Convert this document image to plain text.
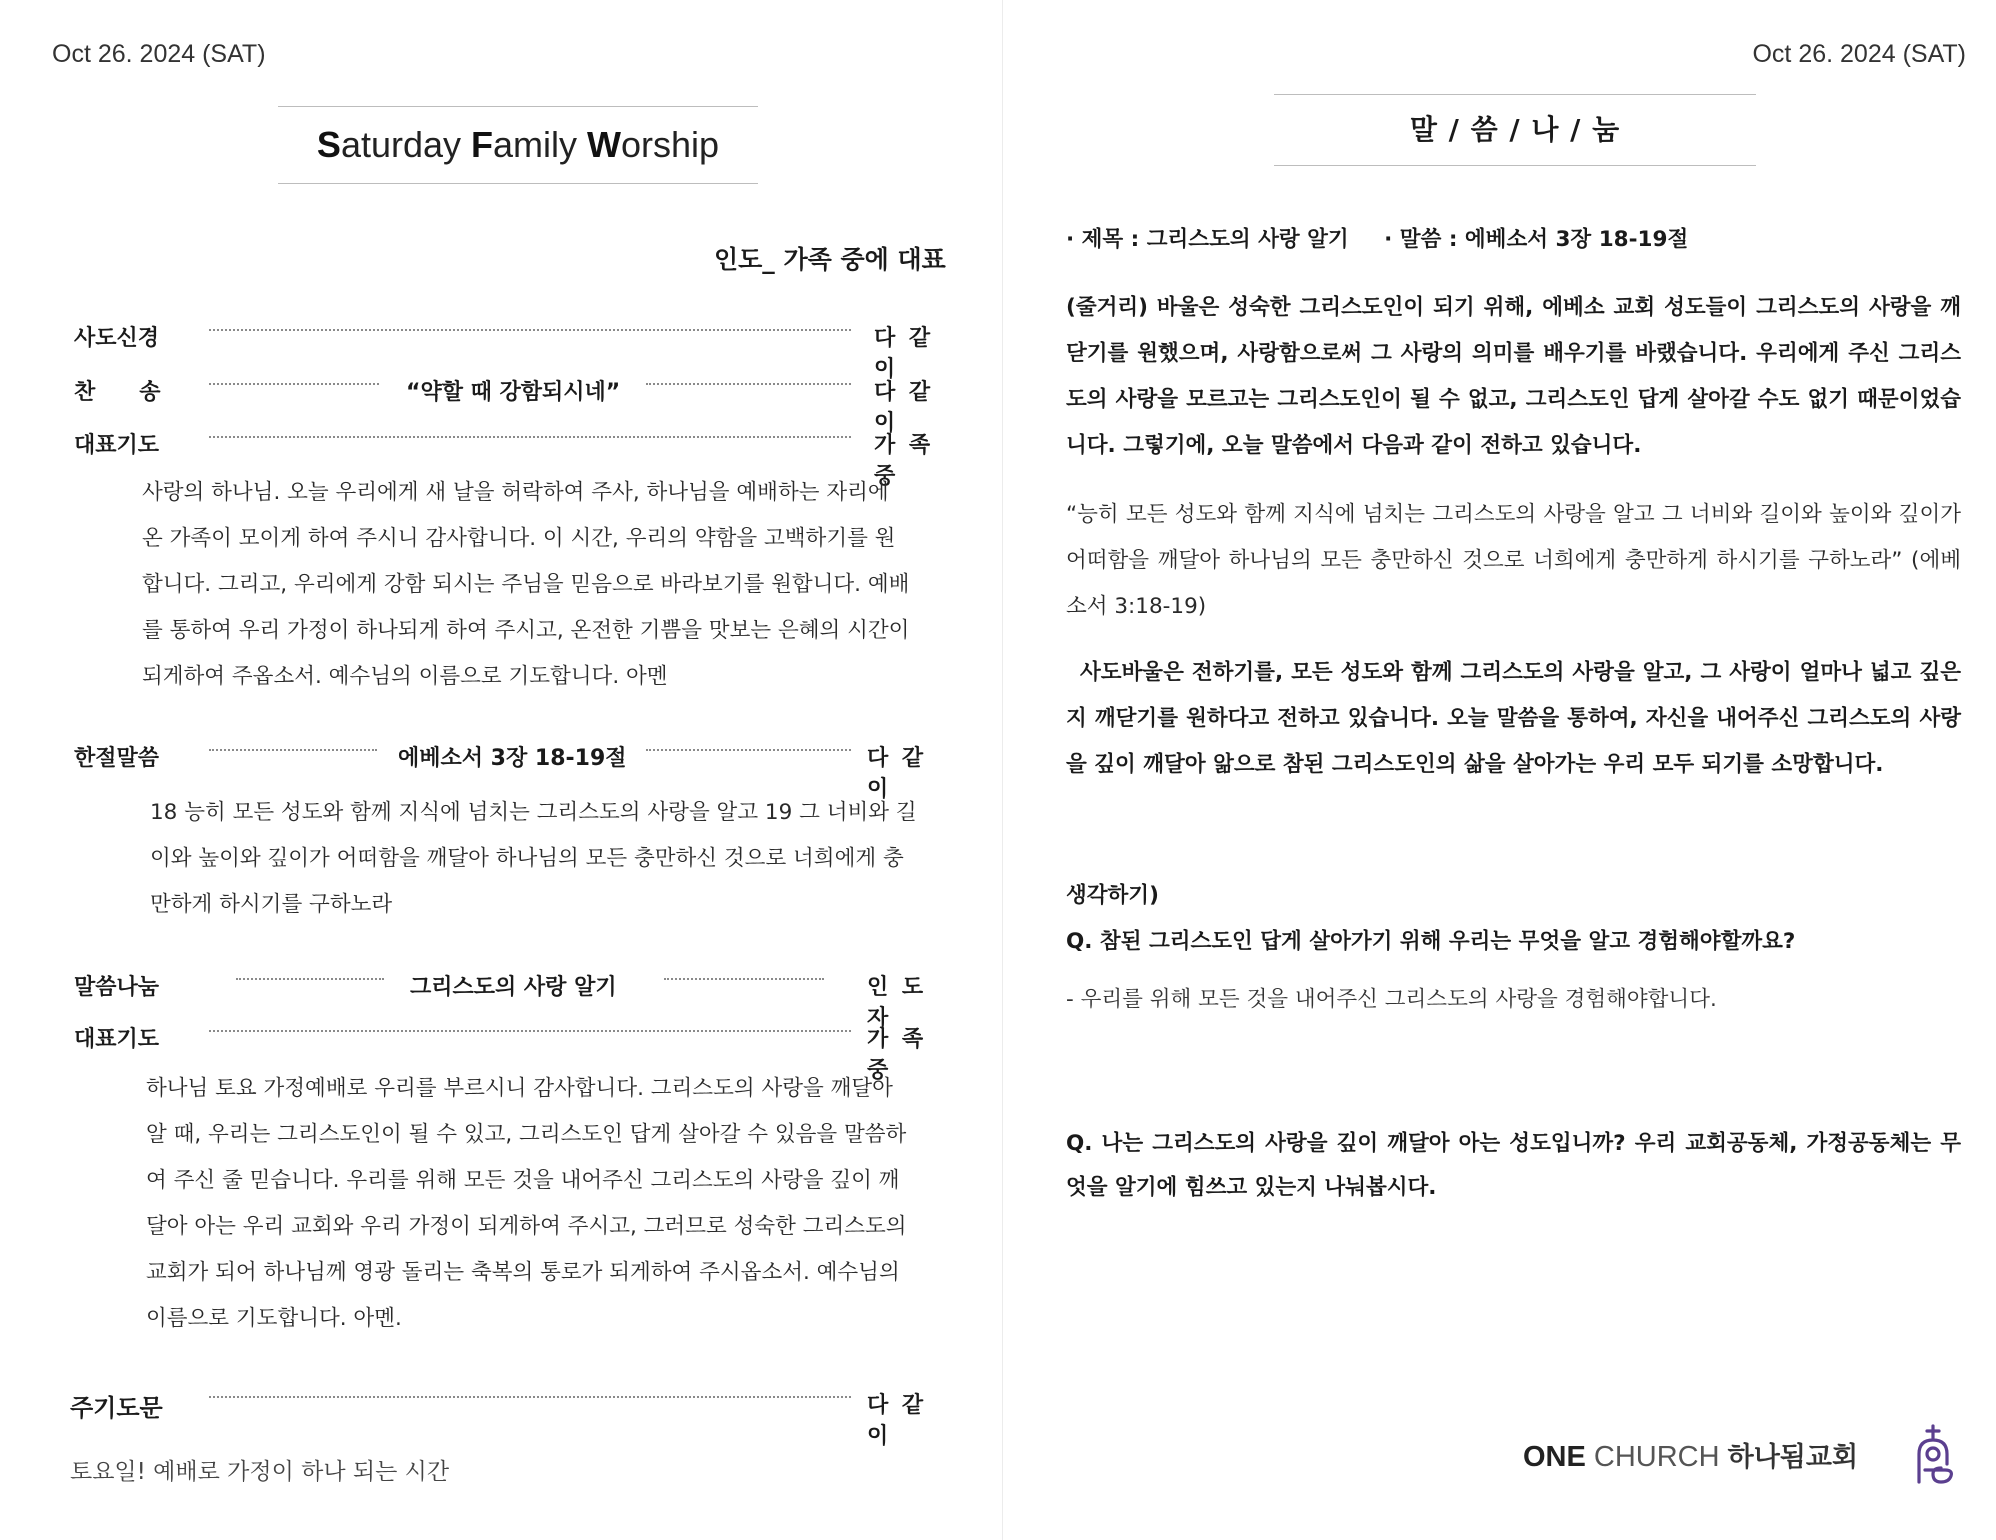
Oct 26. 2024 (SAT)
Saturday Family Worship
인도_ 가족 중에 대표
사도신경	다 같 이
찬　　송	“약할 때 강함되시네”	다 같 이
대표기도	가 족 중
사랑의 하나님. 오늘 우리에게 새 날을 허락하여 주사, 하나님을 예배하는 자리에 온 가족이 모이게 하여 주시니 감사합니다. 이 시간, 우리의 약함을 고백하기를 원합니다. 그리고, 우리에게 강함 되시는 주님을 믿음으로 바라보기를 원합니다. 예배를 통하여 우리 가정이 하나되게 하여 주시고, 온전한 기쁨을 맛보는 은혜의 시간이 되게하여 주옵소서. 예수님의 이름으로 기도합니다. 아멘
한절말씀	에베소서 3장 18-19절	다 같 이
18 능히 모든 성도와 함께 지식에 넘치는 그리스도의 사랑을 알고 19 그 너비와 길이와 높이와 깊이가 어떠함을 깨달아 하나님의 모든 충만하신 것으로 너희에게 충만하게 하시기를 구하노라
말씀나눔	그리스도의 사랑 알기	인 도 자
대표기도	가 족 중
하나님 토요 가정예배로 우리를 부르시니 감사합니다. 그리스도의 사랑을 깨달아 알 때, 우리는 그리스도인이 될 수 있고, 그리스도인 답게 살아갈 수 있음을 말씀하여 주신 줄 믿습니다. 우리를 위해 모든 것을 내어주신 그리스도의 사랑을 깊이 깨달아 아는 우리 교회와 우리 가정이 되게하여 주시고, 그러므로 성숙한 그리스도의 교회가 되어 하나님께 영광 돌리는 축복의 통로가 되게하여 주시옵소서. 예수님의 이름으로 기도합니다. 아멘.
주기도문	다 같 이
토요일! 예배로 가정이 하나 되는 시간
Oct 26. 2024 (SAT)
말 / 씀 / 나 / 눔
· 제목 : 그리스도의 사랑 알기 · 말씀 : 에베소서 3장 18-19절
(줄거리) 바울은 성숙한 그리스도인이 되기 위해, 에베소 교회 성도들이 그리스도의 사랑을 깨닫기를 원했으며, 사랑함으로써 그 사랑의 의미를 배우기를 바랬습니다. 우리에게 주신 그리스도의 사랑을 모르고는 그리스도인이 될 수 없고, 그리스도인 답게 살아갈 수도 없기 때문이었습니다. 그렇기에, 오늘 말씀에서 다음과 같이 전하고 있습니다.
“능히 모든 성도와 함께 지식에 넘치는 그리스도의 사랑을 알고 그 너비와 길이와 높이와 깊이가 어떠함을 깨달아 하나님의 모든 충만하신 것으로 너희에게 충만하게 하시기를 구하노라” (에베소서 3:18-19)
사도바울은 전하기를, 모든 성도와 함께 그리스도의 사랑을 알고, 그 사랑이 얼마나 넓고 깊은지 깨닫기를 원하다고 전하고 있습니다. 오늘 말씀을 통하여, 자신을 내어주신 그리스도의 사랑을 깊이 깨달아 앎으로 참된 그리스도인의 삶을 살아가는 우리 모두 되기를 소망합니다.
생각하기)
Q. 참된 그리스도인 답게 살아가기 위해 우리는 무엇을 알고 경험해야할까요?
- 우리를 위해 모든 것을 내어주신 그리스도의 사랑을 경험해야합니다.
Q. 나는 그리스도의 사랑을 깊이 깨달아 아는 성도입니까? 우리 교회공동체, 가정공동체는 무엇을 알기에 힘쓰고 있는지 나눠봅시다.
ONE CHURCH 하나됨교회
